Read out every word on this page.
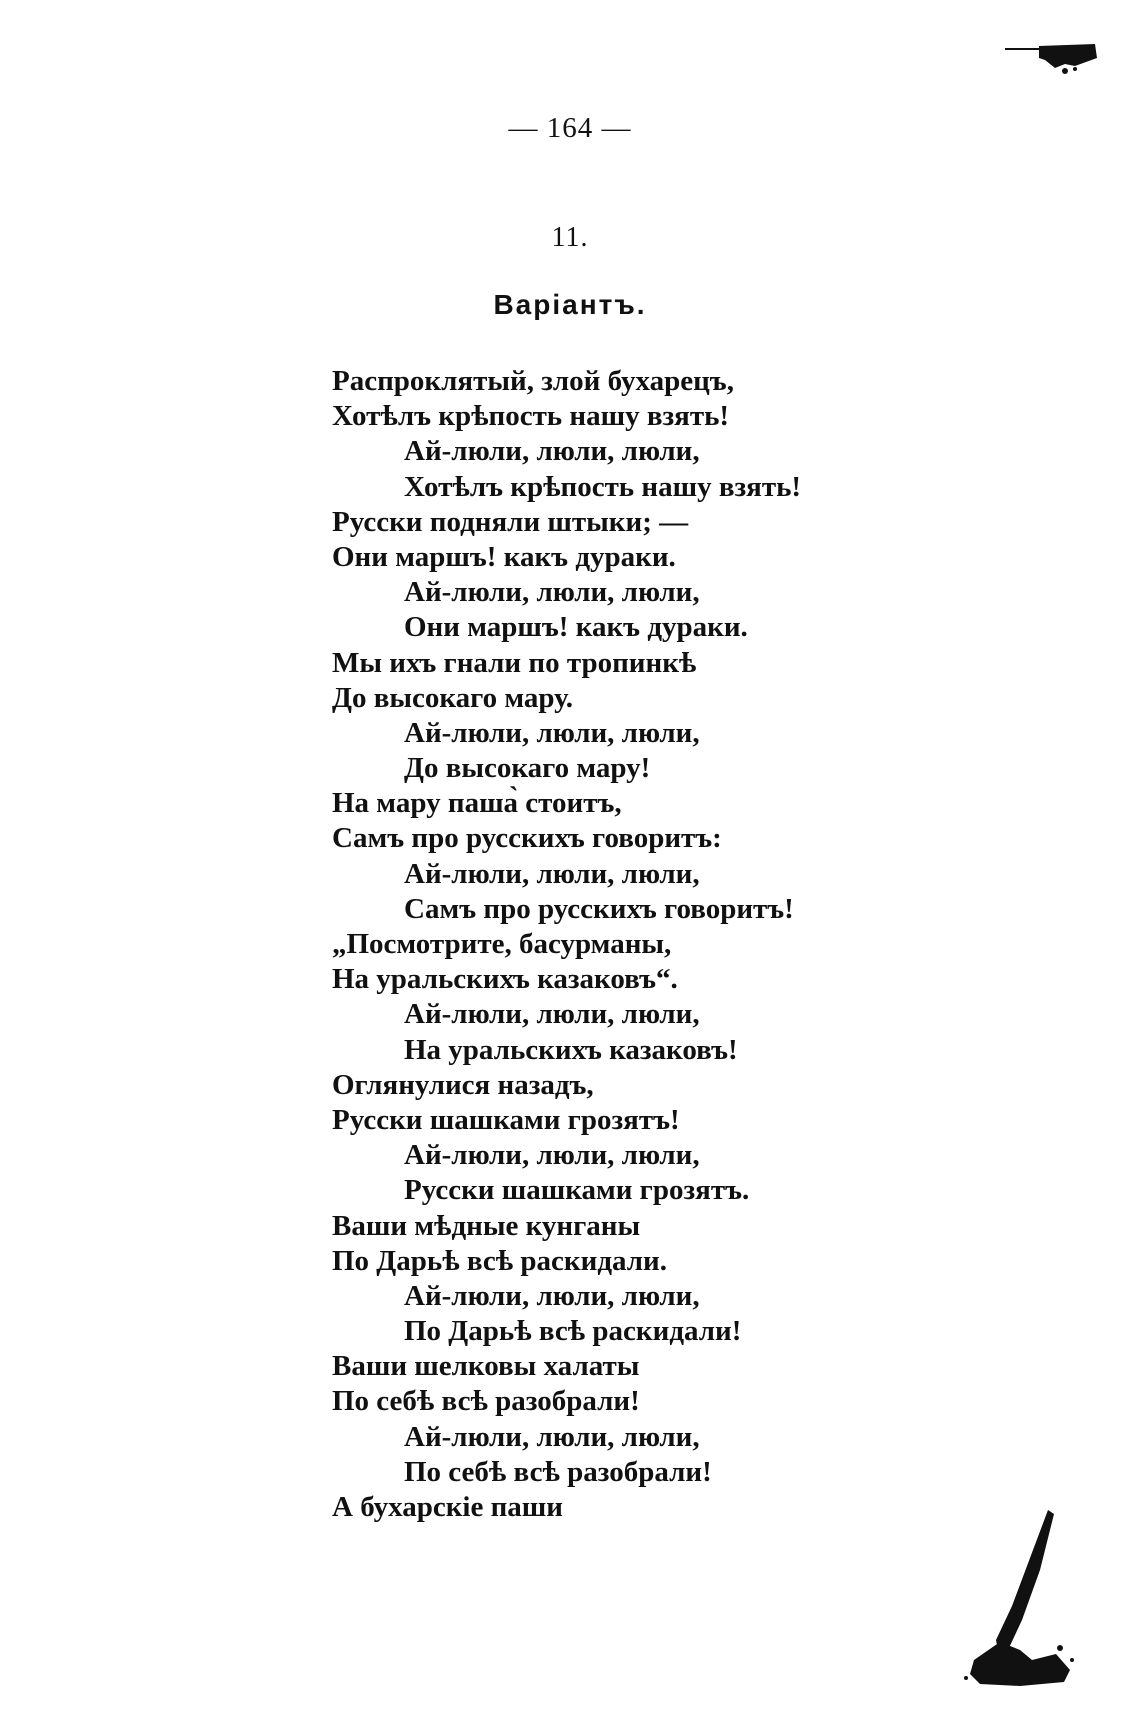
— 164 —
11.
Варіантъ.
Распроклятый, злой бухарецъ,
Хотѣлъ крѣпость нашу взять!
Ай-люли, люли, люли,
Хотѣлъ крѣпость нашу взять!
Русски подняли штыки; —
Они маршъ! какъ дураки.
Ай-люли, люли, люли,
Они маршъ! какъ дураки.
Мы ихъ гнали по тропинкѣ
До высокаго мару.
Ай-люли, люли, люли,
До высокаго мару!
На мару паша̀ стоитъ,
Самъ про русскихъ говоритъ:
Ай-люли, люли, люли,
Самъ про русскихъ говоритъ!
„Посмотрите, басурманы,
На уральскихъ казаковъ“.
Ай-люли, люли, люли,
На уральскихъ казаковъ!
Оглянулися назадъ,
Русски шашками грозятъ!
Ай-люли, люли, люли,
Русски шашками грозятъ.
Ваши мѣдные кунганы
По Дарьѣ всѣ раскидали.
Ай-люли, люли, люли,
По Дарьѣ всѣ раскидали!
Ваши шелковы халаты
По себѣ всѣ разобрали!
Ай-люли, люли, люли,
По себѣ всѣ разобрали!
А бухарскіе паши
